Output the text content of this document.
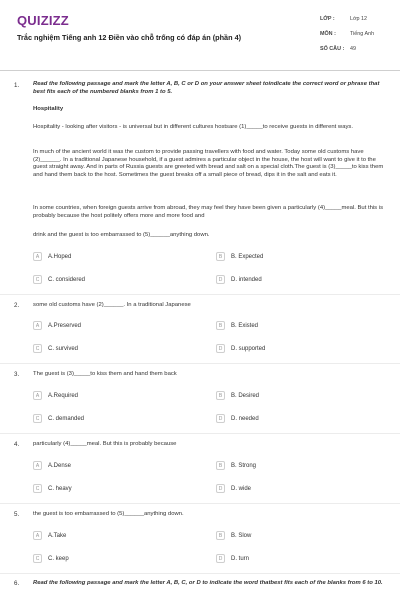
QUIZIZZ	LỚP :	Lớp 12
MÔN :	Tiếng Anh
SỐ CÂU : 49
Trắc nghiệm Tiếng anh 12 Điền vào chỗ trống có đáp án (phần 4)
1. Read the following passage and mark the letter A, B, C or D on your answer sheet toindicate the correct word or phrase that best fits each of the numbered blanks from 1 to 5.
Hospitality
Hospitality - looking after visitors - is universal but in different cultures hostsare (1)_____to receive guests in different ways.
In much of the ancient world it was the custom to provide passing travellers with food and water. Today some old customs have (2)______. In a traditional Japanese household, if a guest admires a particular object in the house, the host will want to give it to the guest straight away. And in parts of Russia guests are greeted with bread and salt on a special cloth.The guest is (3)_____to kiss them and hand them back to the host. Sometimes the guest breaks off a small piece of bread, dips it in the salt and eats it.
In some countries, when foreign guests arrive from abroad, they may feel they have been given a particularly (4)_____meal. But this is probably because the host politely offers more and more food and
drink and the guest is too embarrassed to (5)______anything down.
A	A.Hoped	B	B. Expected
C	C. considered	D	D. intended
2. some old customs have (2)______. In a traditional Japanese
A	A.Preserved	B	B. Existed
C	C. survived	D	D. supported
3. The guest is (3)_____to kiss them and hand them back
A	A.Required	B	B. Desired
C	C. demanded	D	D. needed
4. particularly (4)_____meal. But this is probably because
A	A.Dense	B	B. Strong
C	C. heavy	D	D. wide
5. the guest is too embarrassed to (5)______anything down.
A	A.Take	B	B. Slow
C	C. keep	D	D. turn
6. Read the following passage and mark the letter A, B, C, or D to indicate the word thatbest fits each of the blanks from 6 to 10.
